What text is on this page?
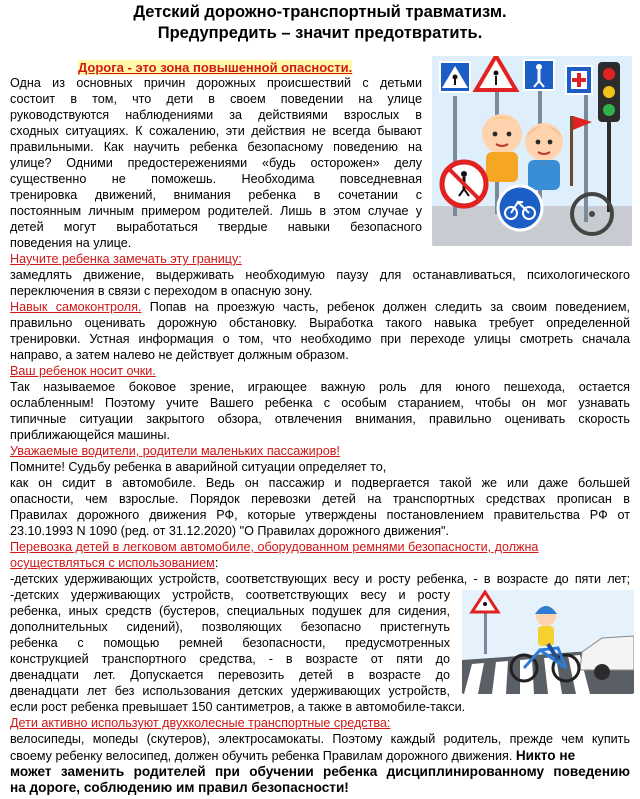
Детский дорожно-транспортный травматизм.
Предупредить – значит предотвратить.
Дорога - это зона повышенной опасности.
Одна из основных причин дорожных происшествий с детьми
состоит в том, что дети в своем поведении на улице
руководствуются наблюдениями за действиями взрослых в
сходных ситуациях. К сожалению, эти действия не всегда бывают
правильными. Как научить ребенка безопасному поведению на
улице? Одними предостережениями «будь осторожен» делу
существенно не поможешь. Необходима повседневная
тренировка движений, внимания ребенка в сочетании с
постоянным личным примером родителей. Лишь в этом случае у
детей могут выработаться твердые навыки безопасного
поведения на улице.
Научите ребенка замечать эту границу:
замедлять движение, выдерживать необходимую паузу для останавливаться, психологического
переключения в связи с переходом в опасную зону.
Навык самоконтроля. Попав на проезжую часть, ребенок должен следить за своим поведением,
правильно оценивать дорожную обстановку. Выработка такого навыка требует определенной
тренировки. Устная информация о том, что необходимо при переходе улицы смотреть сначала
направо, а затем налево не действует должным образом.
Ваш ребенок носит очки.
Так называемое боковое зрение, играющее важную роль для юного пешехода, остается
ослабленным! Поэтому учите Вашего ребенка с особым старанием, чтобы он мог узнавать
типичные ситуации закрытого обзора, отвлечения внимания, правильно оценивать скорость
приближающейся машины.
Уважаемые водители, родители маленьких пассажиров!
Помните! Судьбу ребенка в аварийной ситуации определяет то,
как он сидит в автомобиле. Ведь он пассажир и подвергается такой же или даже большей
опасности, чем взрослые. Порядок перевозки детей на транспортных средствах прописан в
Правилах дорожного движения РФ, которые утверждены постановлением правительства РФ от
23.10.1993 N 1090 (ред. от 31.12.2020) "О Правилах дорожного движения".
Перевозка детей в легковом автомобиле, оборудованном ремнями безопасности, должна
осуществляться с использованием:
-детских удерживающих устройств, соответствующих весу и росту ребенка, - в возрасте до пяти лет;
-детских удерживающих устройств, соответствующих весу и росту
ребенка, иных средств (бустеров, специальных подушек для сидения,
дополнительных сидений), позволяющих безопасно пристегнуть
ребенка с помощью ремней безопасности, предусмотренных
конструкцией транспортного средства, - в возрасте от пяти до
двенадцати лет. Допускается перевозить детей в возрасте до
двенадцати лет без использования детских удерживающих устройств,
если рост ребенка превышает 150 сантиметров, а также в автомобиле-такси.
Дети активно используют двухколесные транспортные средства:
велосипеды, мопеды (скутеров), электросамокаты. Поэтому каждый родитель, прежде чем купить
своему ребенку велосипед, должен обучить ребенка Правилам дорожного движения. Никто не
может заменить родителей при обучении ребенка дисциплинированному поведению
на дороге, соблюдению им правил безопасности!
